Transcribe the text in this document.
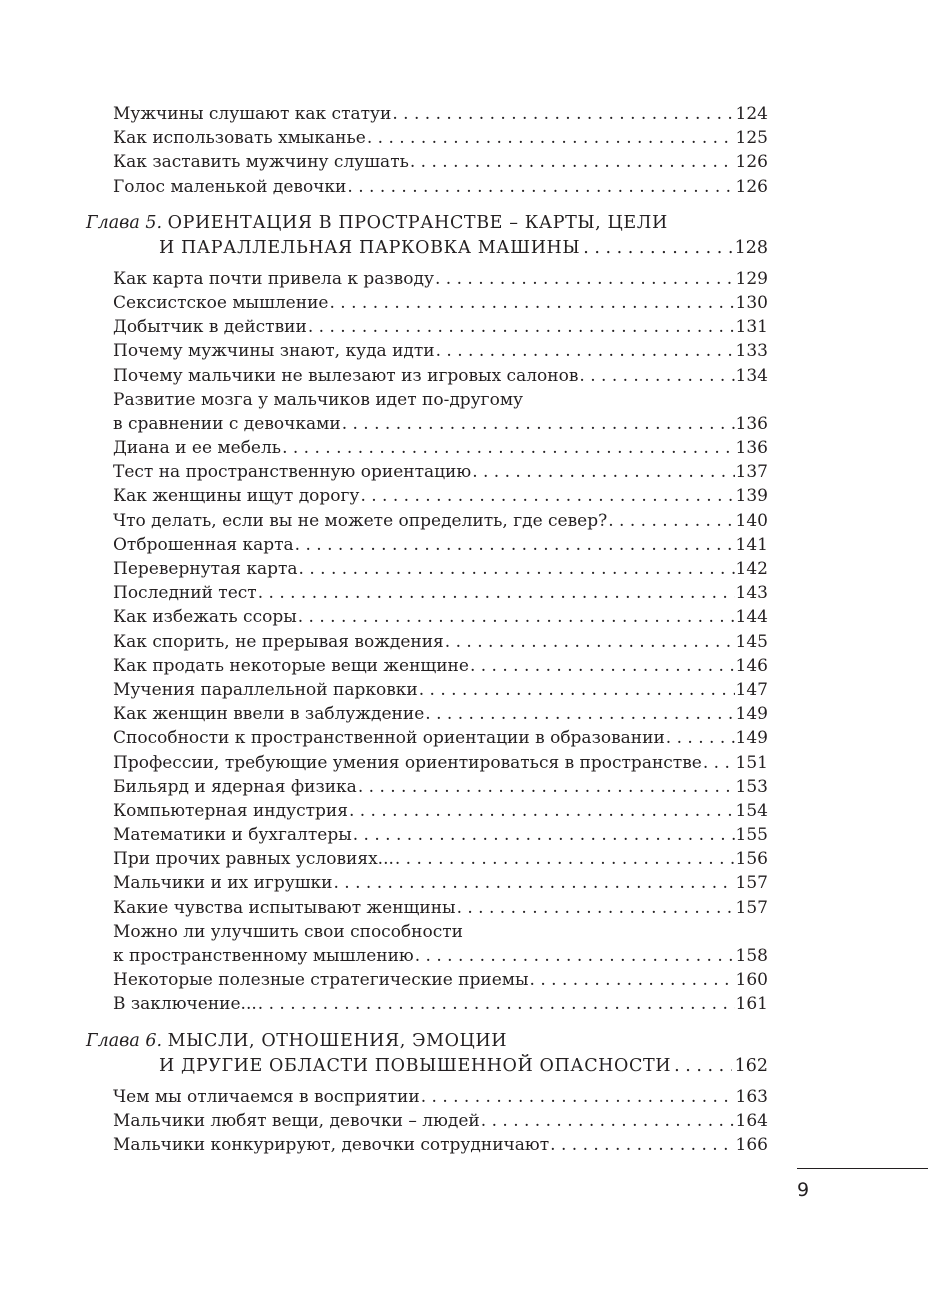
Мужчины слушают как статуи . . .	124
Как использовать хмыканье . . .	125
Как заставить мужчину слушать . . .	126
Голос маленькой девочки . . .	126
Глава 5. ОРИЕНТАЦИЯ В ПРОСТРАНСТВЕ – КАРТЫ, ЦЕЛИ
И ПАРАЛЛЕЛЬНАЯ ПАРКОВКА МАШИНЫ . . .	128
Как карта почти привела к разводу . . .	129
Сексистское мышление . . .	130
Добытчик в действии . . .	131
Почему мужчины знают, куда идти . . .	133
Почему мальчики не вылезают из игровых салонов . . .	134
Развитие мозга у мальчиков идет по-другому
в сравнении с девочками . . .	136
Диана и ее мебель . . .	136
Тест на пространственную ориентацию . . .	137
Как женщины ищут дорогу . . .	139
Что делать, если вы не можете определить, где север? . . .	140
Отброшенная карта . . .	141
Перевернутая карта . . .	142
Последний тест . . .	143
Как избежать ссоры . . .	144
Как спорить, не прерывая вождения . . .	145
Как продать некоторые вещи женщине . . .	146
Мучения параллельной парковки . . .	147
Как женщин ввели в заблуждение . . .	149
Способности к пространственной ориентации в образовании . . .	149
Профессии, требующие умения ориентироваться в пространстве . . . 151
Бильярд и ядерная физика . . .	153
Компьютерная индустрия . . .	154
Математики и бухгалтеры . . .	155
При прочих равных условиях... . . .	156
Мальчики и их игрушки . . .	157
Какие чувства испытывают женщины . . .	157
Можно ли улучшить свои способности
к пространственному мышлению . . .	158
Некоторые полезные стратегические приемы . . .	160
В заключение... . . .	161
Глава 6. МЫСЛИ, ОТНОШЕНИЯ, ЭМОЦИИ
И ДРУГИЕ ОБЛАСТИ ПОВЫШЕННОЙ ОПАСНОСТИ . . .	162
Чем мы отличаемся в восприятии . . .	163
Мальчики любят вещи, девочки – людей . . .	164
Мальчики конкурируют, девочки сотрудничают . . .	166
9
